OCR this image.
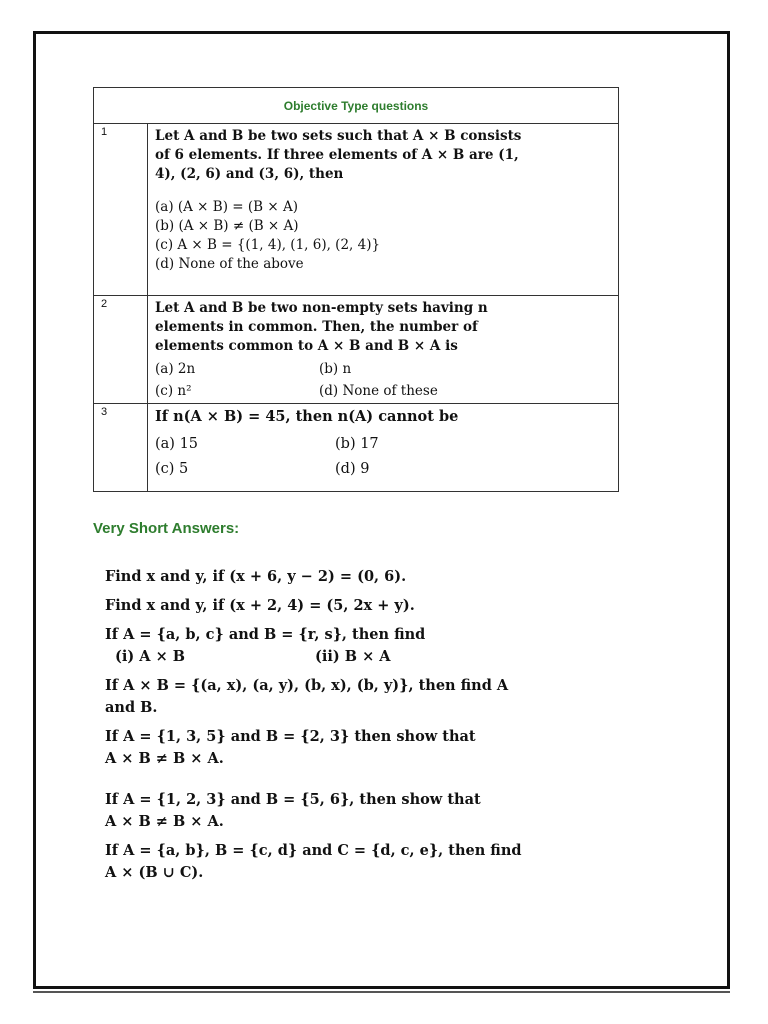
Objective Type questions
1	Let A and B be two sets such that A × B consists
of 6 elements. If three elements of A × B are (1,
4), (2, 6) and (3, 6), then
(a) (A × B) = (B × A)
(b) (A × B) ≠ (B × A)
(c) A × B = {(1, 4), (1, 6), (2, 4)}
(d) None of the above
2	Let A and B be two non-empty sets having n
elements in common. Then, the number of
elements common to A × B and B × A is
(a) 2n	(b) n
(c) n²	(d) None of these
3	If n(A × B) = 45, then n(A) cannot be
(a) 15	(b) 17
(c) 5	(d) 9
Very Short Answers:
Find x and y, if (x + 6, y − 2) = (0, 6).
Find x and y, if (x + 2, 4) = (5, 2x + y).
If A = {a, b, c} and B = {r, s}, then find
(i) A × B	(ii) B × A
If A × B = {(a, x), (a, y), (b, x), (b, y)}, then find A
and B.
If A = {1, 3, 5} and B = {2, 3} then show that
A × B ≠ B × A.
If A = {1, 2, 3} and B = {5, 6}, then show that
A × B ≠ B × A.
If A = {a, b}, B = {c, d} and C = {d, c, e}, then find
A × (B ∪ C).
